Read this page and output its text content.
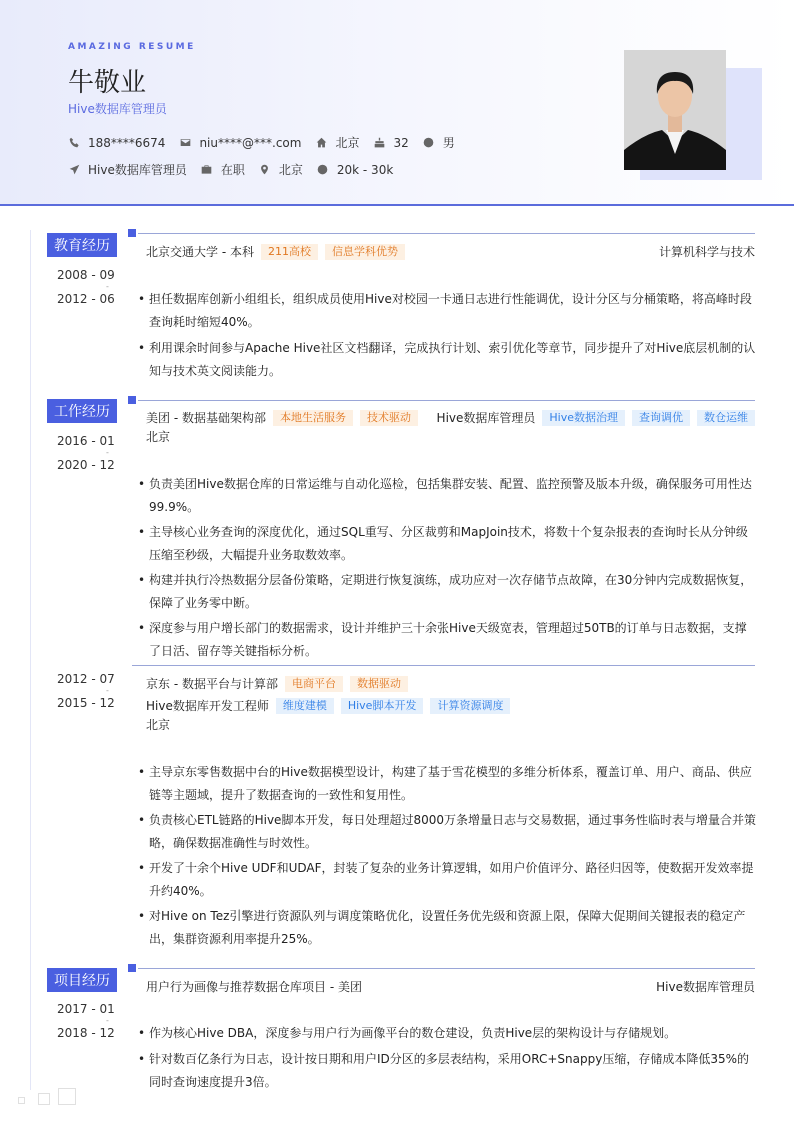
AMAZING RESUME
牛敬业
Hive数据库管理员
188****6674	niu****@***.com	北京	32	男
Hive数据库管理员	在职	北京	20k - 30k
教育经历
2008 - 09
-
2012 - 06
北京交通大学 - 本科	211高校	信息学科优势	计算机科学与技术
• 担任数据库创新小组组长，组织成员使用Hive对校园一卡通日志进行性能调优，设计分区与分桶策略，将高峰时段查询耗时缩短40%。
• 利用课余时间参与Apache Hive社区文档翻译，完成执行计划、索引优化等章节，同步提升了对Hive底层机制的认知与技术英文阅读能力。
工作经历
2016 - 01
-
2020 - 12
美团 - 数据基础架构部	本地生活服务	技术驱动	Hive数据库管理员	Hive数据治理	查询调优	数仓运维
北京
• 负责美团Hive数据仓库的日常运维与自动化巡检，包括集群安装、配置、监控预警及版本升级，确保服务可用性达99.9%。
• 主导核心业务查询的深度优化，通过SQL重写、分区裁剪和MapJoin技术，将数十个复杂报表的查询时长从分钟级压缩至秒级，大幅提升业务取数效率。
• 构建并执行冷热数据分层备份策略，定期进行恢复演练，成功应对一次存储节点故障，在30分钟内完成数据恢复，保障了业务零中断。
• 深度参与用户增长部门的数据需求，设计并维护三十余张Hive天级宽表，管理超过50TB的订单与日志数据，支撑了日活、留存等关键指标分析。
2012 - 07
-
2015 - 12
京东 - 数据平台与计算部	电商平台	数据驱动
Hive数据库开发工程师	维度建模	Hive脚本开发	计算资源调度
北京
• 主导京东零售数据中台的Hive数据模型设计，构建了基于雪花模型的多维分析体系，覆盖订单、用户、商品、供应链等主题域，提升了数据查询的一致性和复用性。
• 负责核心ETL链路的Hive脚本开发，每日处理超过8000万条增量日志与交易数据，通过事务性临时表与增量合并策略，确保数据准确性与时效性。
• 开发了十余个Hive UDF和UDAF，封装了复杂的业务计算逻辑，如用户价值评分、路径归因等，使数据开发效率提升约40%。
• 对Hive on Tez引擎进行资源队列与调度策略优化，设置任务优先级和资源上限，保障大促期间关键报表的稳定产出，集群资源利用率提升25%。
项目经历
2017 - 01
-
2018 - 12
用户行为画像与推荐数据仓库项目 - 美团	Hive数据库管理员
• 作为核心Hive DBA，深度参与用户行为画像平台的数仓建设，负责Hive层的架构设计与存储规划。
• 针对数百亿条行为日志，设计按日期和用户ID分区的多层表结构，采用ORC+Snappy压缩，存储成本降低35%的同时查询速度提升3倍。
